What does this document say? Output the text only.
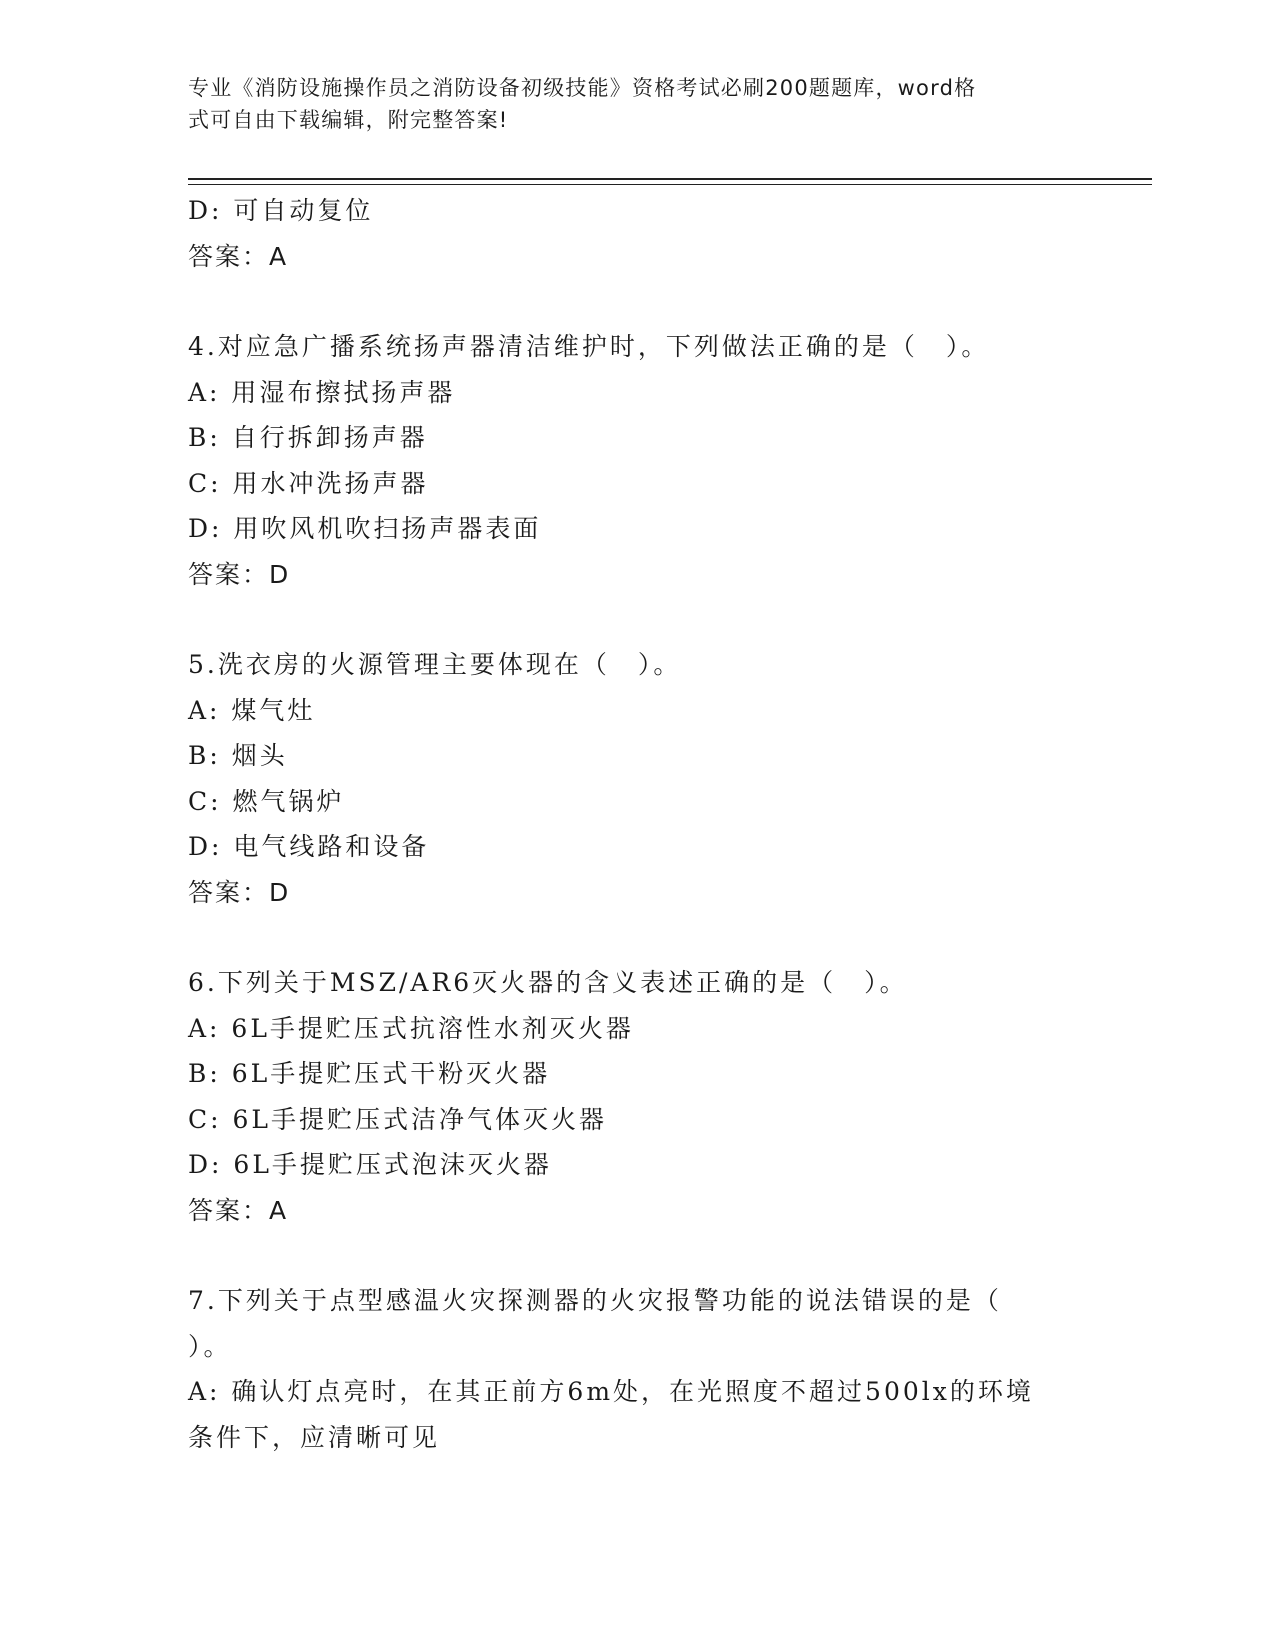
专业《消防设施操作员之消防设备初级技能》资格考试必刷200题题库，word格
式可自由下载编辑，附完整答案!
D: 可自动复位
答案：A
4.对应急广播系统扬声器清洁维护时，下列做法正确的是（　）。
A: 用湿布擦拭扬声器
B: 自行拆卸扬声器
C: 用水冲洗扬声器
D: 用吹风机吹扫扬声器表面
答案：D
5.洗衣房的火源管理主要体现在（　）。
A: 煤气灶
B: 烟头
C: 燃气锅炉
D: 电气线路和设备
答案：D
6.下列关于MSZ/AR6灭火器的含义表述正确的是（　）。
A: 6L手提贮压式抗溶性水剂灭火器
B: 6L手提贮压式干粉灭火器
C: 6L手提贮压式洁净气体灭火器
D: 6L手提贮压式泡沫灭火器
答案：A
7.下列关于点型感温火灾探测器的火灾报警功能的说法错误的是（
）。
A: 确认灯点亮时，在其正前方6m处，在光照度不超过500lx的环境
条件下，应清晰可见
